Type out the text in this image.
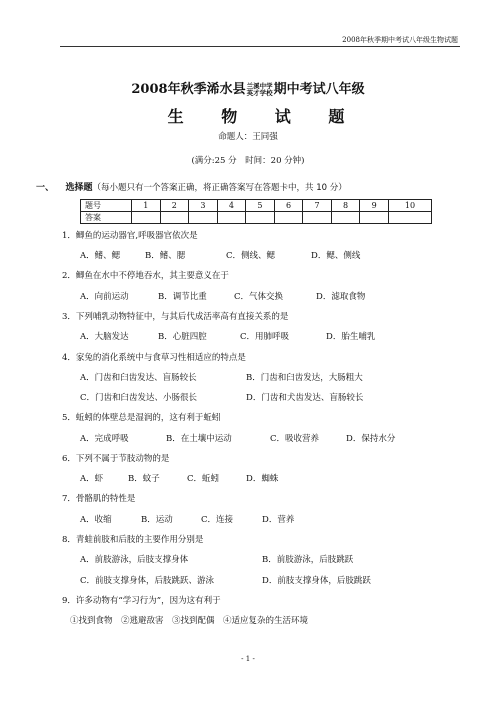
2008年秋季期中考试八年级生物试题
2008年秋季浠水县兰溪中学
英才学校期中考试八年级
生 物 试 题
命题人：王同强
(满分:25 分　时间：20 分钟)
一、 选择题（每小题只有一个答案正确，将正确答案写在答题卡中，共 10 分）
题号	1	2	3	4	5	6	7	8	9	10
答案										
1．鲫鱼的运动器官,呼吸器官依次是
A．鳍、鳃	B．鳍、腮	C．侧线、鳃	D．鳃、侧线
2．鲫鱼在水中不停地吞水，其主要意义在于
A．向前运动	B．调节比重	C．气体交换	D．滤取食物
3．下列哺乳动物特征中，与其后代成活率高有直接关系的是
A．大脑发达	B．心脏四腔	C．用肺呼吸	D．胎生哺乳
4．家兔的消化系统中与食草习性相适应的特点是
A．门齿和臼齿发达、盲肠较长	B．门齿和臼齿发达，大肠粗大
C．门齿和臼齿发达、小肠很长	D．门齿和犬齿发达、盲肠较长
5．蚯蚓的体壁总是湿润的，这有利于蚯蚓
A．完成呼吸	B．在土壤中运动	C．吸收营养	D．保持水分
6．下列不属于节肢动物的是
A．虾	B．蚊子	C．蚯蚓	D．蜘蛛
7．骨骼肌的特性是
A．收缩	B．运动	C．连接	D．营养
8．青蛙前肢和后肢的主要作用分别是
A．前肢游泳，后肢支撑身体	B．前肢游泳，后肢跳跃
C．前肢支撑身体，后肢跳跃、游泳	D．前肢支撑身体，后肢跳跃
9．许多动物有“学习行为”，因为这有利于
①找到食物　②逃避敌害　③找到配偶　④适应复杂的生活环境
- 1 -
